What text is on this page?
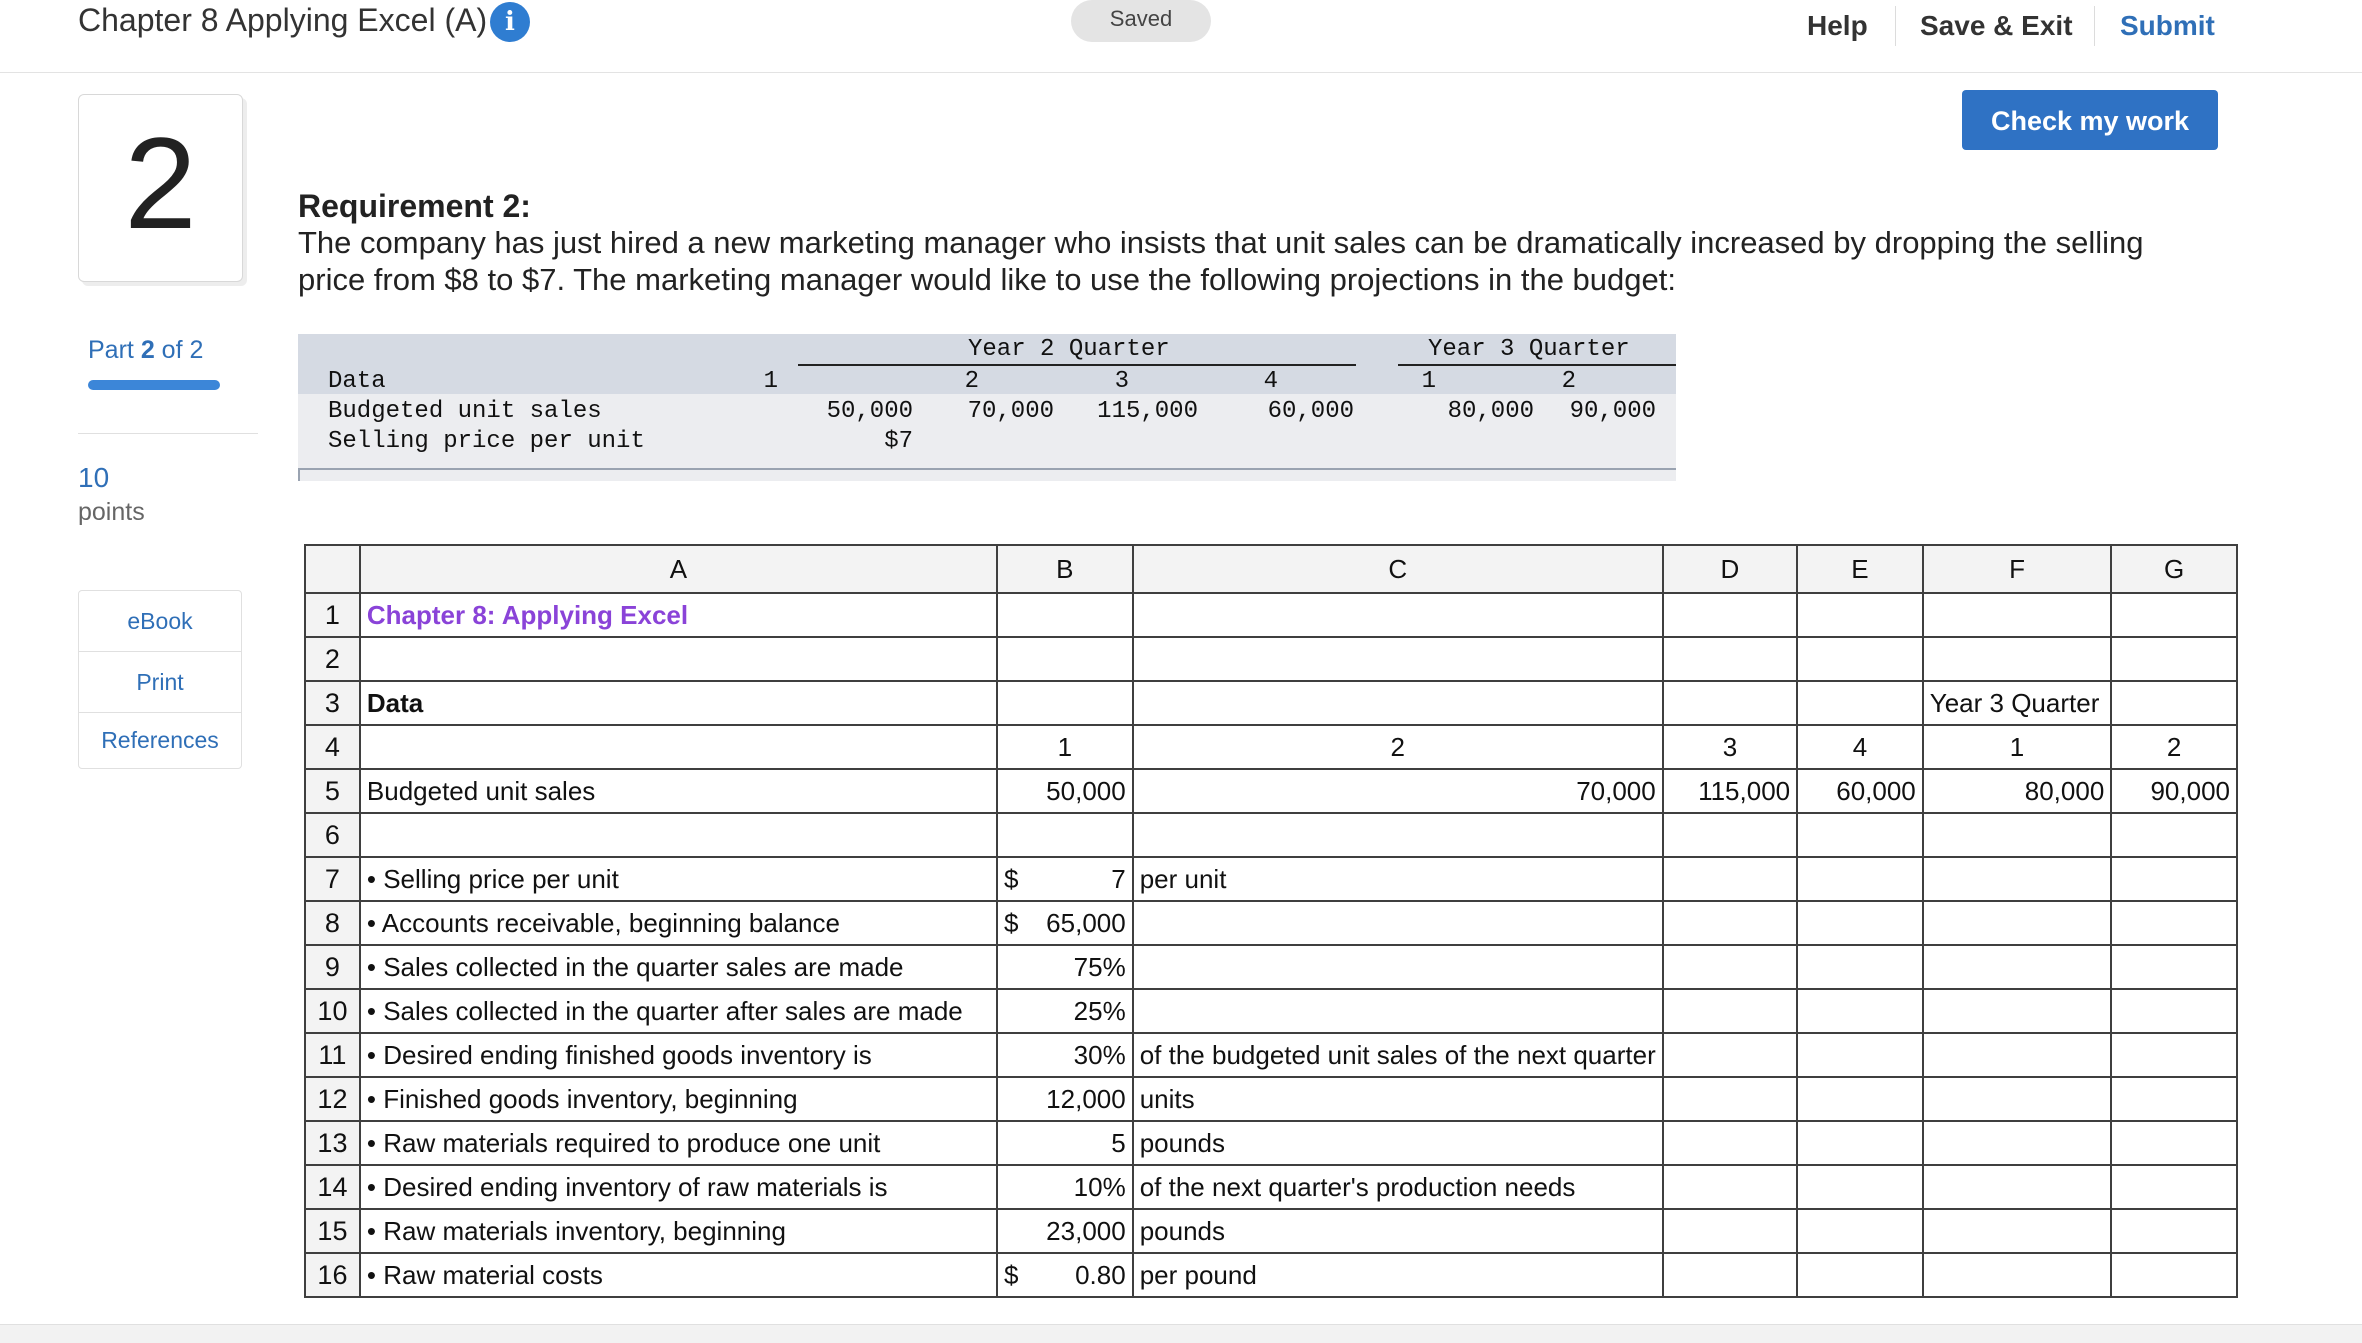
Chapter 8 Applying Excel (A) i	Saved	Help Save & Exit Submit
2
Part 2 of 2
10
points
eBook
Print
References
Check my work
Requirement 2:
The company has just hired a new marketing manager who insists that unit sales can be dramatically increased by dropping the selling price from $8 to $7. The marketing manager would like to use the following projections in the budget:
Year 2 Quarter	Year 3 Quarter
Data	1	2	3	4	1	2
Budgeted unit sales	50,000 70,000 115,000	60,000	80,000 90,000
Selling price per unit	$7
	A	B	C	D	E	F	G
1	Chapter 8: Applying Excel						
2							
3	Data					Year 3 Quarter	
4		1	2	3	4	1	2
5	Budgeted unit sales	50,000	70,000	115,000	60,000	80,000	90,000
6							
7	• Selling price per unit	$ 7	per unit				
8	• Accounts receivable, beginning balance	$ 65,000					

9	• Sales collected in the quarter sales are made	75%					
10	• Sales collected in the quarter after sales are made	25%					
11	• Desired ending finished goods inventory is	30%	of the budgeted unit sales of the next quarter				
12	• Finished goods inventory, beginning	12,000	units				
13	• Raw materials required to produce one unit	5	pounds				
14	• Desired ending inventory of raw materials is	10%	of the next quarter's production needs				
15	• Raw materials inventory, beginning	23,000	pounds				
16	• Raw material costs	$ 0.80	per pound				
